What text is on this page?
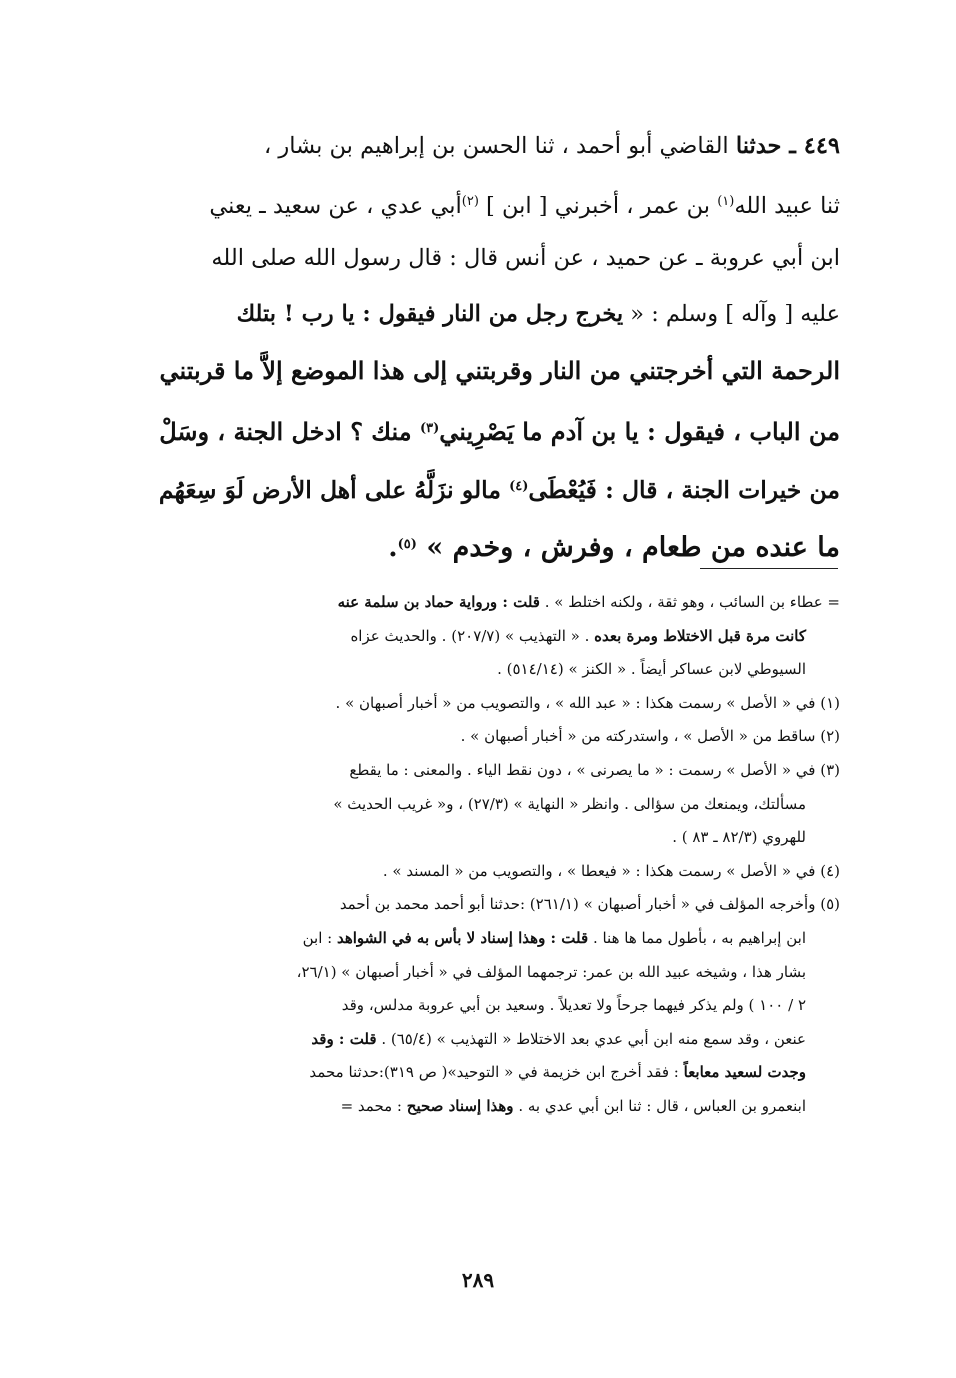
٤٤٩ ـ حدثنا القاضي أبو أحمد ، ثنا الحسن بن إبراهيم بن بشار ،
ثنا عبيد الله$^{(١)}$ بن عمر ، أخبرني [ ابن ] $^{(٢)}$أبي عدي ، عن سعيد ـ يعني
ابن أبي عروبة ـ عن حميد ، عن أنس قال : قال رسول الله صلى الله
عليه [ وآله ] وسلم : « يخرج رجل من النار فيقول : يا رب ! بتلك
الرحمة التي أخرجتني من النار وقربتني إلى هذا الموضع إلاَّ ما قربتني
من الباب ، فيقول : يا بن آدم ما يَصْرِيني$^{(٣)}$ منك ؟ ادخل الجنة ، وسَلْ
من خيرات الجنة ، قال : فَيُعْطَى$^{(٤)}$ مالو نزَلَّهُ على أهل الأرض لَوَ سِعَهُم
ما عنده من طعام ، وفرش ، وخدم » $^{(٥)}$.
= عطاء بن السائب ، وهو ثقة ، ولكنه اختلط » . قلت : ورواية حماد بن سلمة عنه
كانت مرة قبل الاختلاط ومرة بعده . « التهذيب » (٢٠٧/٧) . والحديث عزاه
السيوطي لابن عساكر أيضاً . « الكنز » (٥١٤/١٤) .
(١) في « الأصل » رسمت هكذا : « عبد الله » ، والتصويب من « أخبار أصبهان » .
(٢) ساقط من « الأصل » ، واستدركته من « أخبار أصبهان » .
(٣) في « الأصل » رسمت : « ما يصرنى » ، دون نقط الياء . والمعنى : ما يقطع
مسألتك، ويمنعك من سؤالى . وانظر « النهاية » (٢٧/٣) ، و« غريب الحديث »
للهروي (٨٢/٣ ـ ٨٣ ) .
(٤) في « الأصل » رسمت هكذا : « فيعطا » ، والتصويب من « المسند » .
(٥) وأخرجه المؤلف في « أخبار أصبهان » (٢٦١/١) :حدثنا أبو أحمد محمد بن أحمد
ابن إبراهيم به ، بأطول مما ها هنا . قلت : وهذا إسناد لا بأس به في الشواهد : ابن
بشار هذا ، وشيخه عبيد الله بن عمر: ترجمهما المؤلف في « أخبار أصبهان » (٢٦/١،
٢ / ١٠٠ ) ولم يذكر فيهما جرحاً ولا تعديلاً . وسعيد بن أبي عروبة مدلس، وقد
عنعن ، وقد سمع منه ابن أبي عدي بعد الاختلاط « التهذيب » (٦٥/٤) . قلت : وقد
وجدت لسعيد معابعاً : فقد أخرج ابن خزيمة في « التوحيد»( ص ٣١٩):حدثنا محمد
ابنعمرو بن العباس ، قال : ثنا ابن أبي عدي به . وهذا إسناد صحيح : محمد =
٢٨٩
